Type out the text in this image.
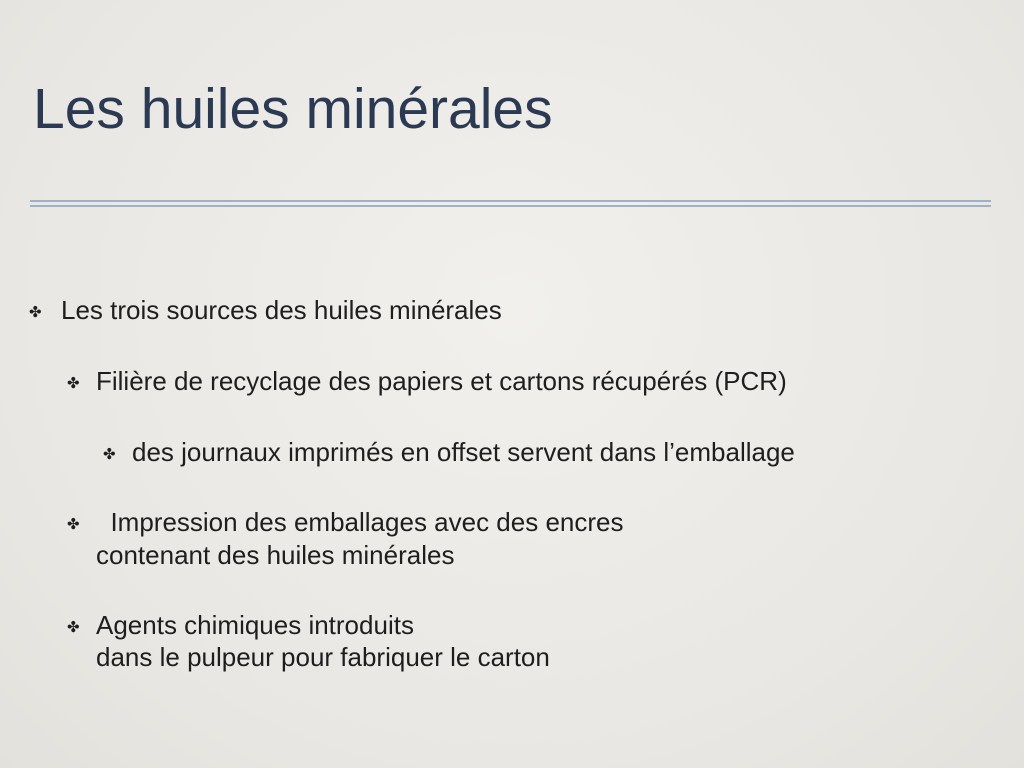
Les huiles minérales
✤ Les trois sources des huiles minérales
✤ Filière de recyclage des papiers et cartons récupérés (PCR)
✤ des journaux imprimés en offset servent dans l’emballage
✤ Impression des emballages avec des encres
contenant des huiles minérales
✤ Agents chimiques introduits
dans le pulpeur pour fabriquer le carton
